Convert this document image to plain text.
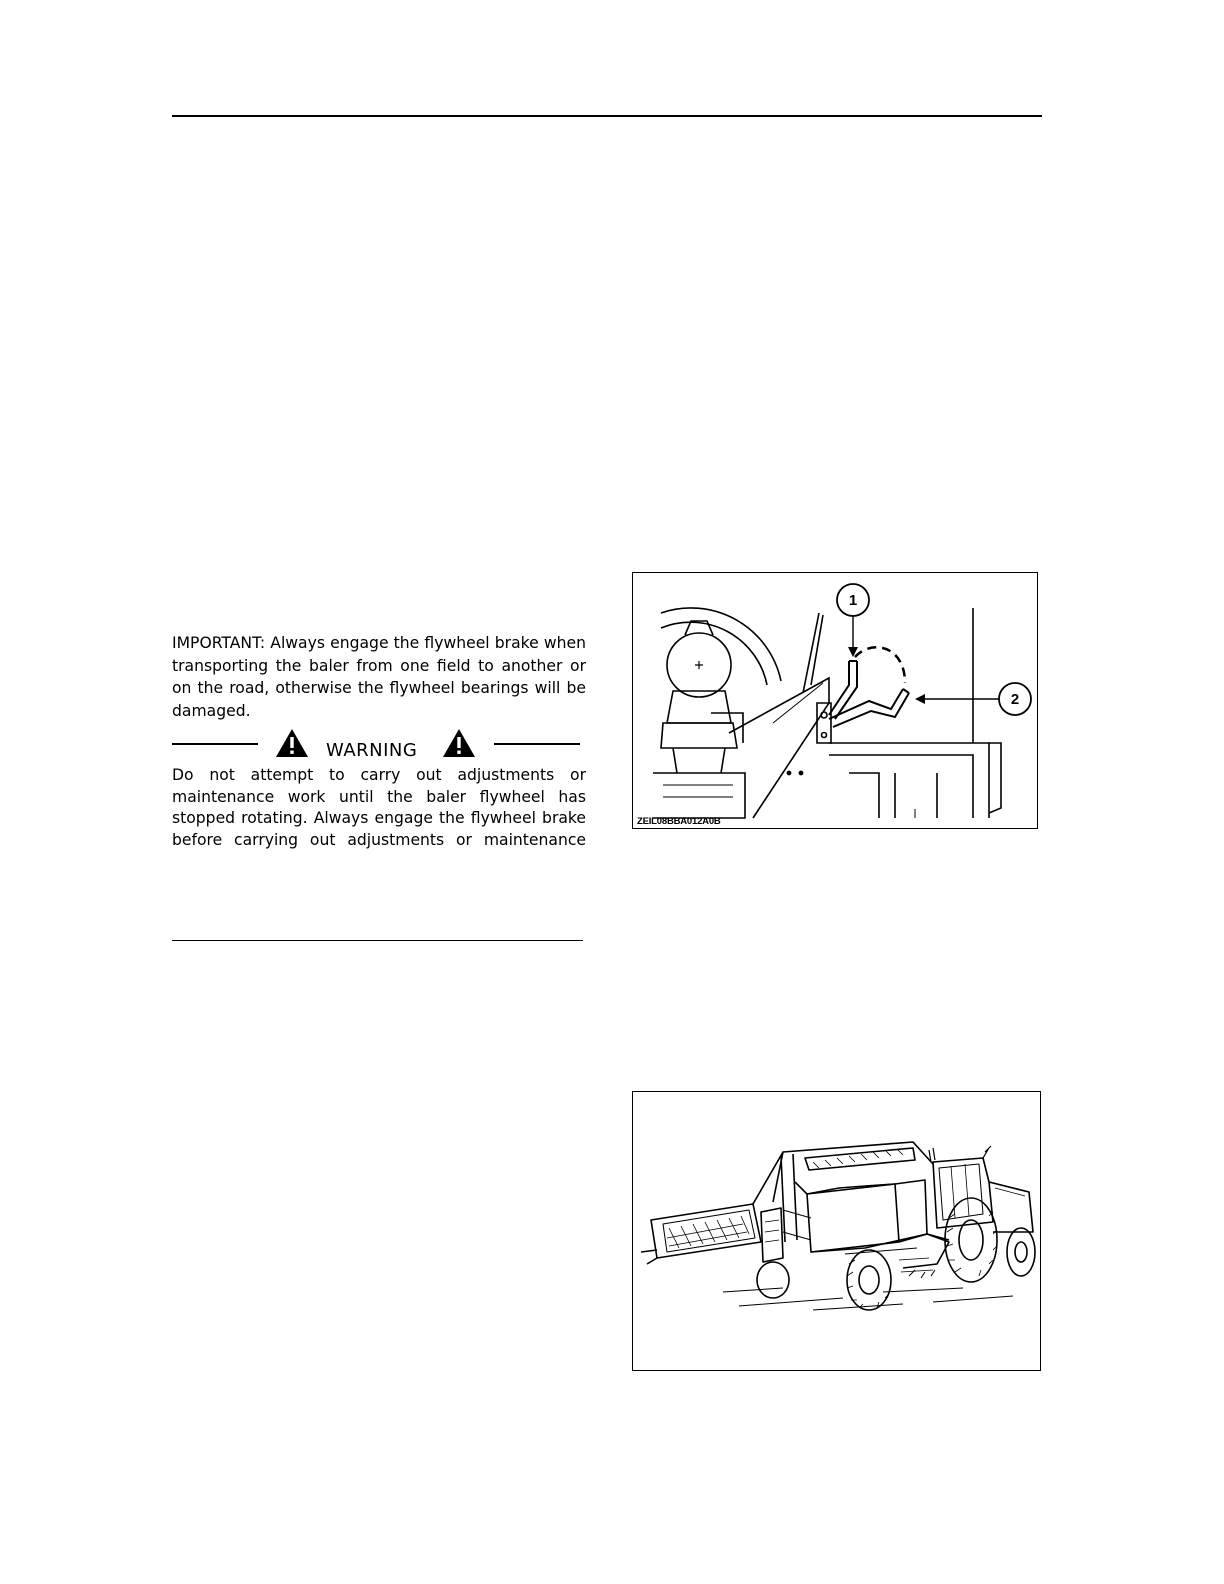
IMPORTANT: Always engage the flywheel brake when transporting the baler from one field to another or on the road, otherwise the flywheel bearings will be damaged.

WARNING

Do not attempt to carry out adjustments or maintenance work until the baler flywheel has stopped rotating. Always engage the flywheel brake before carrying out adjustments or maintenance

1
2
ZEIL08BBA012A0B
